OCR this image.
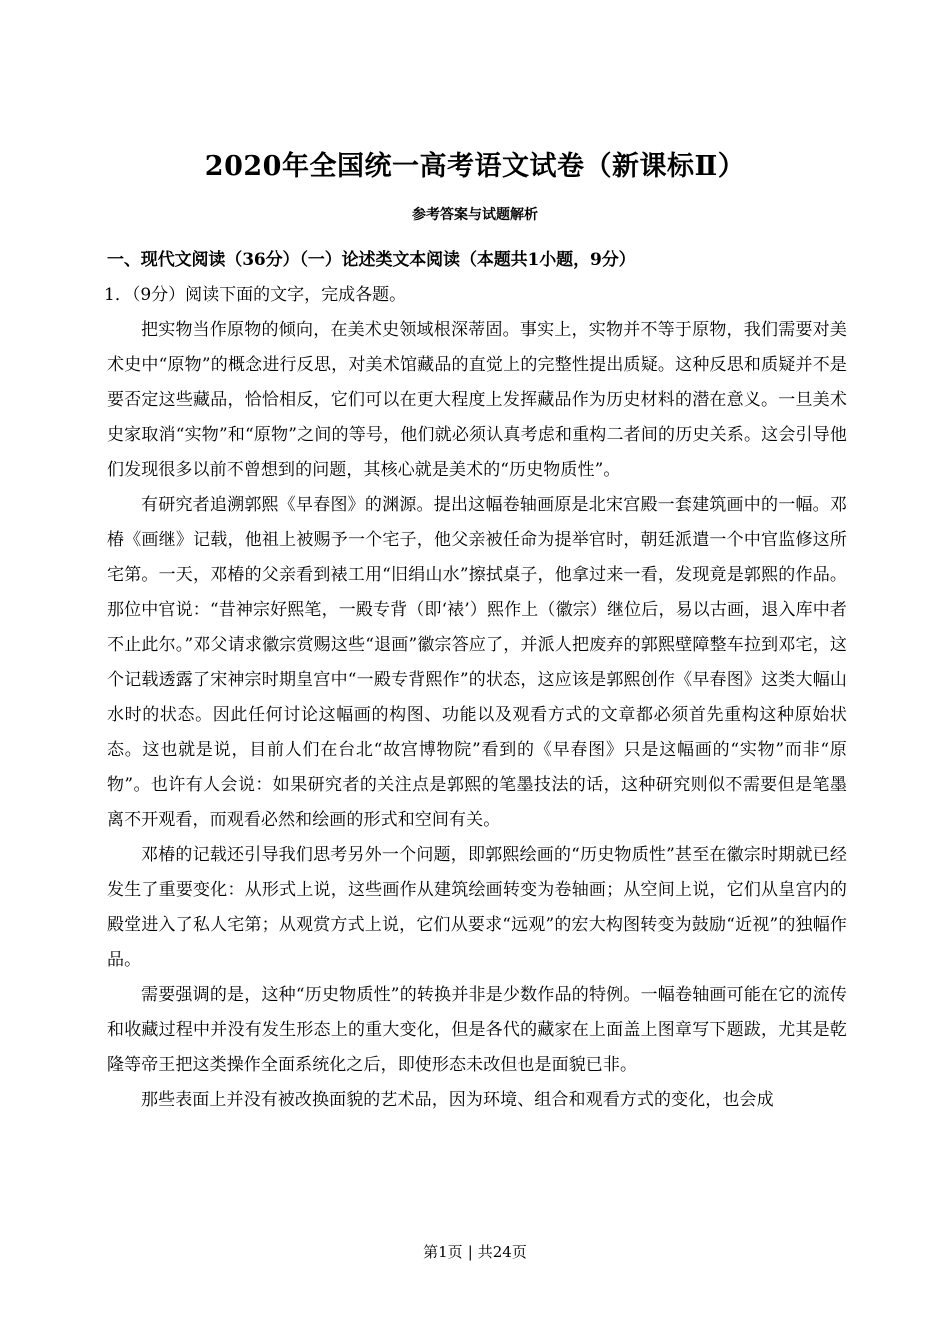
2020年全国统一高考语文试卷（新课标Ⅱ）
参考答案与试题解析

一、现代文阅读（36分）（一）论述类文本阅读（本题共1小题，9分）

1．（9分）阅读下面的文字，完成各题。

把实物当作原物的倾向，在美术史领域根深蒂固。事实上，实物并不等于原物，我们需要对美术史中“原物”的概念进行反思，对美术馆藏品的直觉上的完整性提出质疑。这种反思和质疑并不是要否定这些藏品，恰恰相反，它们可以在更大程度上发挥藏品作为历史材料的潜在意义。一旦美术史家取消“实物”和“原物”之间的等号，他们就必须认真考虑和重构二者间的历史关系。这会引导他们发现很多以前不曾想到的问题，其核心就是美术的“历史物质性”。

有研究者追溯郭熙《早春图》的渊源。提出这幅卷轴画原是北宋宫殿一套建筑画中的一幅。邓椿《画继》记载，他祖上被赐予一个宅子，他父亲被任命为提举官时，朝廷派遣一个中官监修这所宅第。一天，邓椿的父亲看到裱工用“旧绢山水”擦拭桌子，他拿过来一看，发现竟是郭熙的作品。那位中官说：“昔神宗好熙笔，一殿专背（即‘裱’）熙作上（徽宗）继位后，易以古画，退入库中者不止此尔。”邓父请求徽宗赏赐这些“退画”徽宗答应了，并派人把废弃的郭熙壁障整车拉到邓宅，这个记载透露了宋神宗时期皇宫中“一殿专背熙作”的状态，这应该是郭熙创作《早春图》这类大幅山水时的状态。因此任何讨论这幅画的构图、功能以及观看方式的文章都必须首先重构这种原始状态。这也就是说，目前人们在台北“故宫博物院”看到的《早春图》只是这幅画的“实物”而非“原物”。也许有人会说：如果研究者的关注点是郭熙的笔墨技法的话，这种研究则似不需要但是笔墨离不开观看，而观看必然和绘画的形式和空间有关。

邓椿的记载还引导我们思考另外一个问题，即郭熙绘画的“历史物质性”甚至在徽宗时期就已经发生了重要变化：从形式上说，这些画作从建筑绘画转变为卷轴画；从空间上说，它们从皇宫内的殿堂进入了私人宅第；从观赏方式上说，它们从要求“远观”的宏大构图转变为鼓励“近视”的独幅作品。

需要强调的是，这种“历史物质性”的转换并非是少数作品的特例。一幅卷轴画可能在它的流传和收藏过程中并没有发生形态上的重大变化，但是各代的藏家在上面盖上图章写下题跋，尤其是乾隆等帝王把这类操作全面系统化之后，即使形态未改但也是面貌已非。

那些表面上并没有被改换面貌的艺术品，因为环境、组合和观看方式的变化，也会成

第1页 | 共24页
